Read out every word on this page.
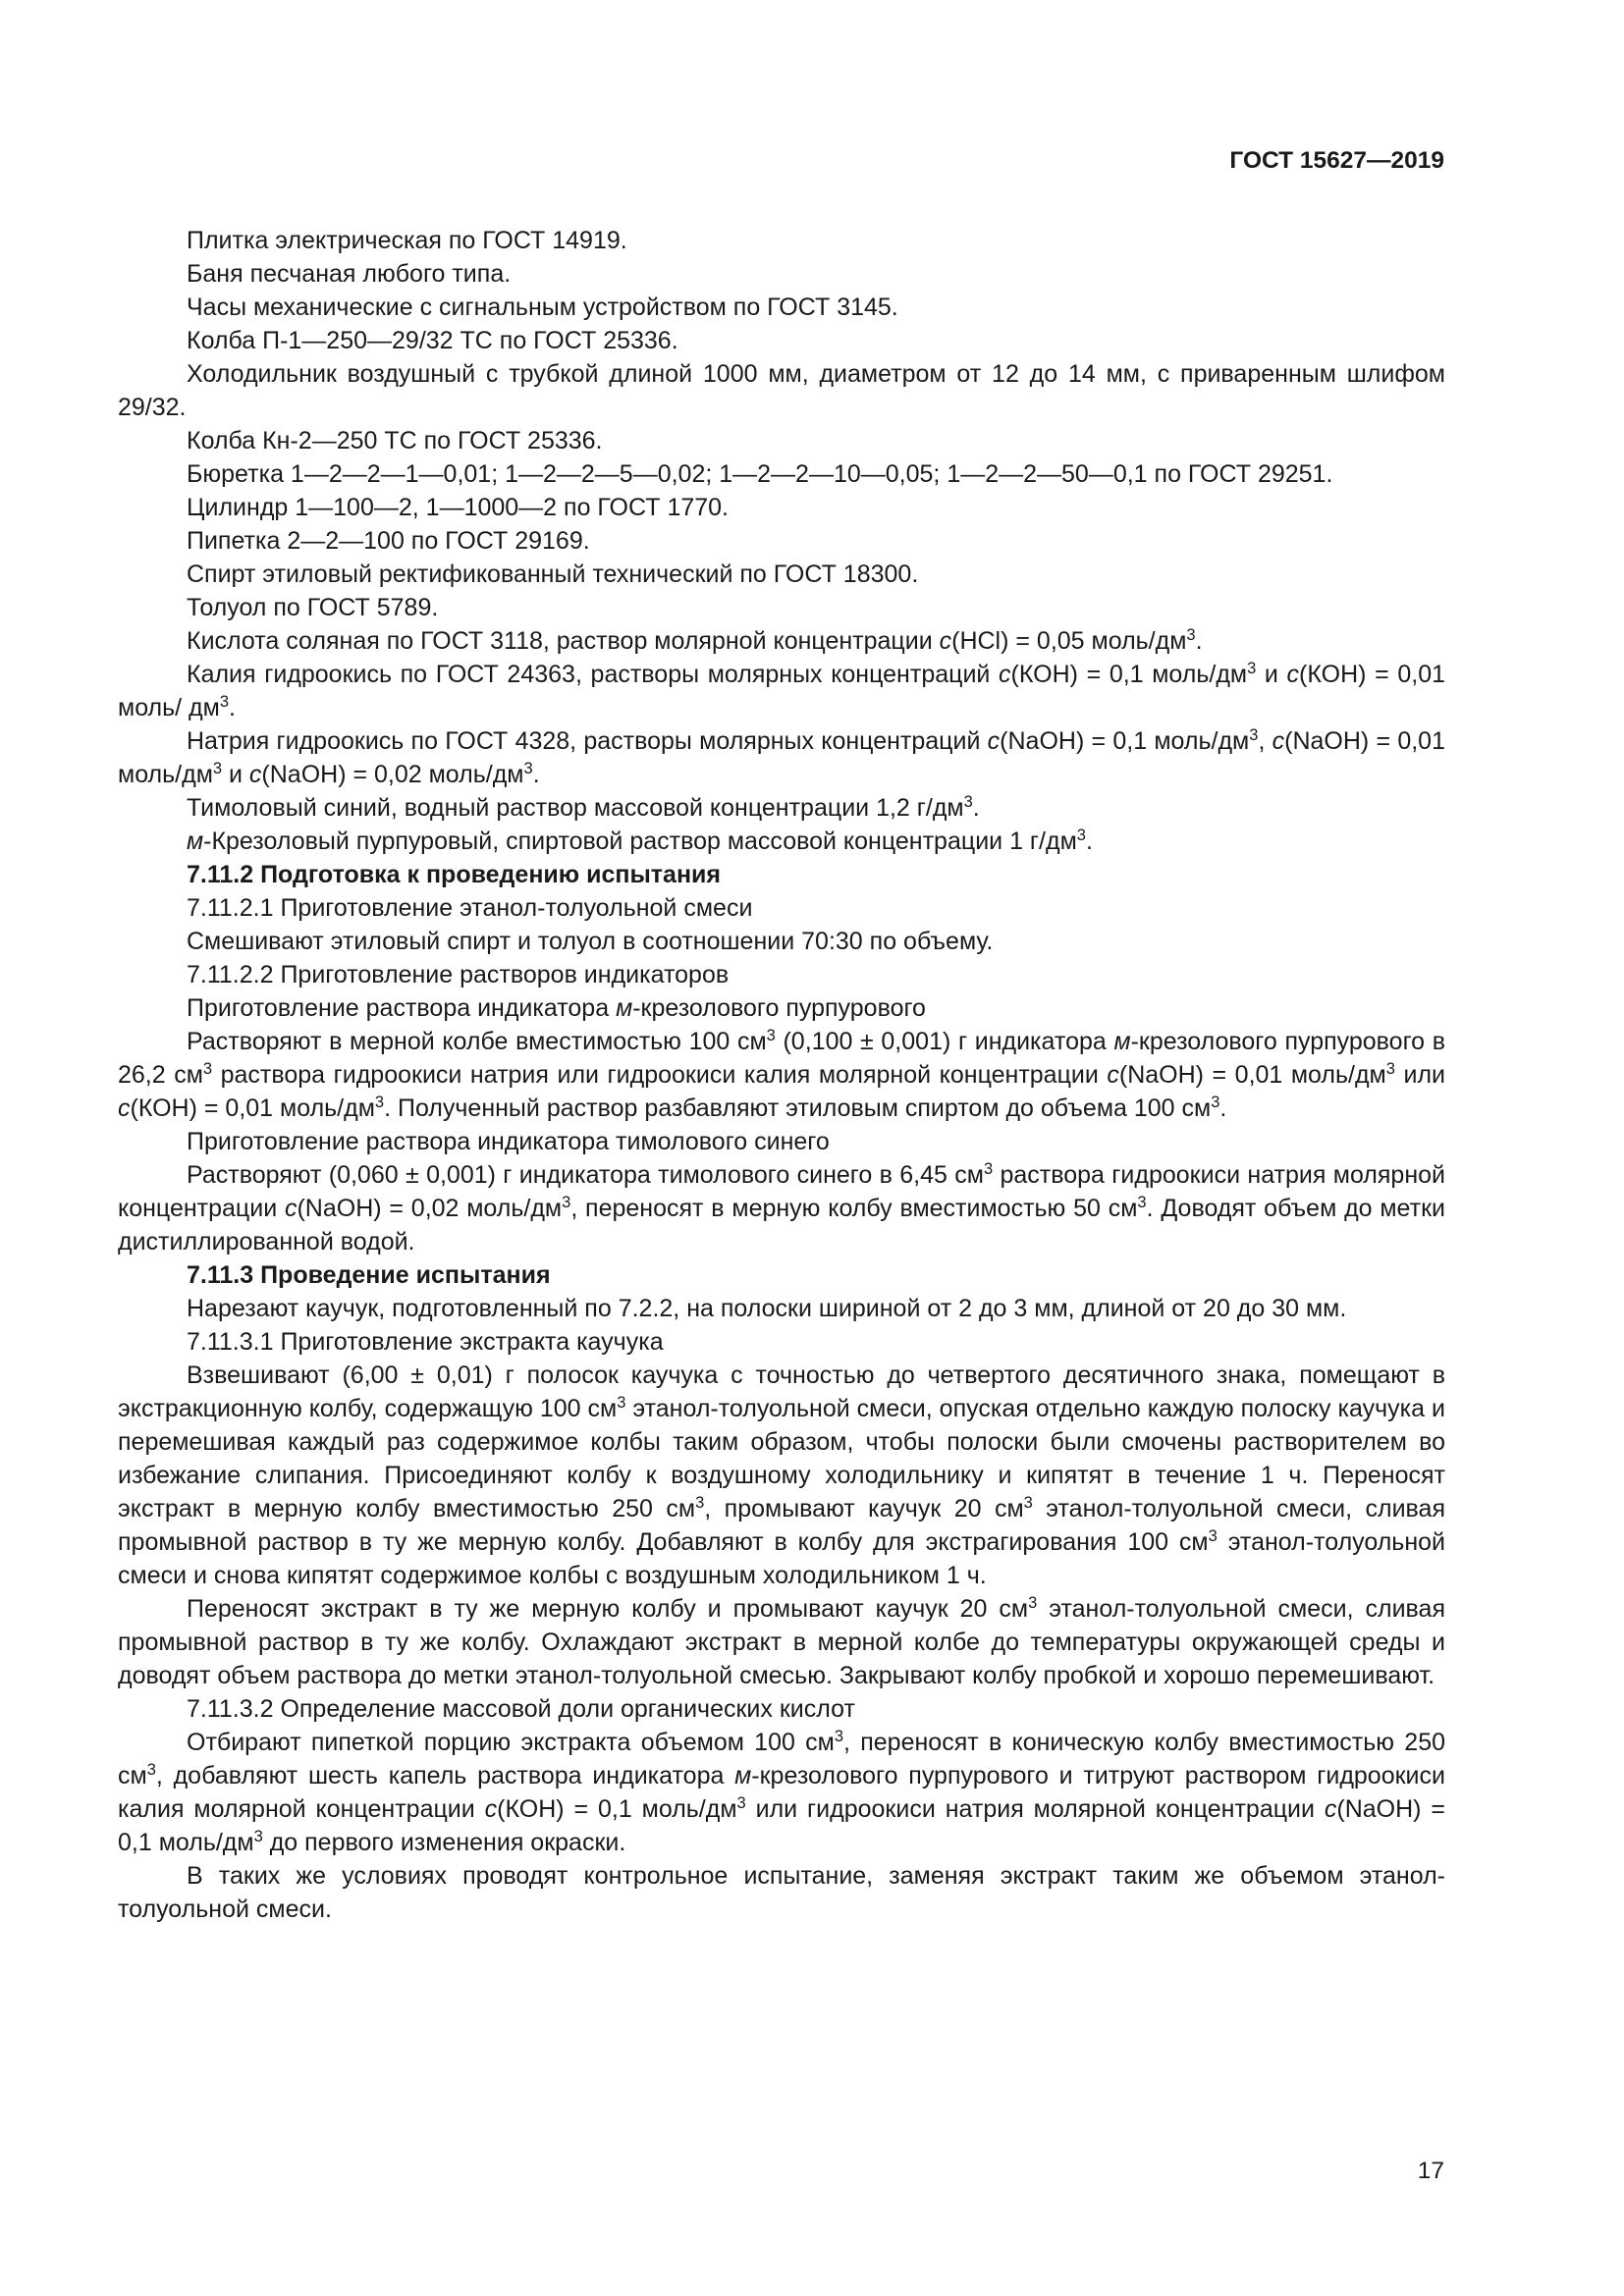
ГОСТ 15627—2019

Плитка электрическая по ГОСТ 14919.

Баня песчаная любого типа.

Часы механические с сигнальным устройством по ГОСТ 3145.

Колба П-1—250—29/32 ТС по ГОСТ 25336.

Холодильник воздушный с трубкой длиной 1000 мм, диаметром от 12 до 14 мм, с приваренным шлифом 29/32.

Колба Кн-2—250 ТС по ГОСТ 25336.

Бюретка 1—2—2—1—0,01; 1—2—2—5—0,02; 1—2—2—10—0,05; 1—2—2—50—0,1 по ГОСТ 29251.

Цилиндр 1—100—2, 1—1000—2 по ГОСТ 1770.

Пипетка 2—2—100 по ГОСТ 29169.

Спирт этиловый ректификованный технический по ГОСТ 18300.

Толуол по ГОСТ 5789.

Кислота соляная по ГОСТ 3118, раствор молярной концентрации с(HCl) = 0,05 моль/$дм^3$.

Калия гидроокись по ГОСТ 24363, растворы молярных концентраций с(КОН) = 0,1 моль/$дм^3$ и с(КОН) = 0,01 моль/ $дм^3$.

Натрия гидроокись по ГОСТ 4328, растворы молярных концентраций с(NaOH) = 0,1 моль/$дм^3$, с(NaOH) = 0,01 моль/$дм^3$ и с(NaOH) = 0,02 моль/$дм^3$.

Тимоловый синий, водный раствор массовой концентрации 1,2 $г/дм^3$.

м-Крезоловый пурпуровый, спиртовой раствор массовой концентрации 1 $г/дм^3$.

7.11.2 Подготовка к проведению испытания

7.11.2.1 Приготовление этанол-толуольной смеси

Смешивают этиловый спирт и толуол в соотношении 70:30 по объему.

7.11.2.2 Приготовление растворов индикаторов

Приготовление раствора индикатора м-крезолового пурпурового

Растворяют в мерной колбе вместимостью 100 $см^3$ (0,100 ± 0,001) г индикатора м-крезолового пурпурового в 26,2 $см^3$ раствора гидроокиси натрия или гидроокиси калия молярной концентрации с(NaOH) = 0,01 моль/$дм^3$ или с(КОН) = 0,01 моль/$дм^3$. Полученный раствор разбавляют этиловым спиртом до объема 100 $см^3$.

Приготовление раствора индикатора тимолового синего

Растворяют (0,060 ± 0,001) г индикатора тимолового синего в 6,45 $см^3$ раствора гидроокиси натрия молярной концентрации с(NaOH) = 0,02 моль/$дм^3$, переносят в мерную колбу вместимостью 50 $см^3$. Доводят объем до метки дистиллированной водой.

7.11.3 Проведение испытания

Нарезают каучук, подготовленный по 7.2.2, на полоски шириной от 2 до 3 мм, длиной от 20 до 30 мм.

7.11.3.1 Приготовление экстракта каучука

Взвешивают (6,00 ± 0,01) г полосок каучука с точностью до четвертого десятичного знака, помещают в экстракционную колбу, содержащую 100 $см^3$ этанол-толуольной смеси, опуская отдельно каждую полоску каучука и перемешивая каждый раз содержимое колбы таким образом, чтобы полоски были смочены растворителем во избежание слипания. Присоединяют колбу к воздушному холодильнику и кипятят в течение 1 ч. Переносят экстракт в мерную колбу вместимостью 250 $см^3$, промывают каучук 20 $см^3$ этанол-толуольной смеси, сливая промывной раствор в ту же мерную колбу. Добавляют в колбу для экстрагирования 100 $см^3$ этанол-толуольной смеси и снова кипятят содержимое колбы с воздушным холодильником 1 ч.

Переносят экстракт в ту же мерную колбу и промывают каучук 20 $см^3$ этанол-толуольной смеси, сливая промывной раствор в ту же колбу. Охлаждают экстракт в мерной колбе до температуры окружающей среды и доводят объем раствора до метки этанол-толуольной смесью. Закрывают колбу пробкой и хорошо перемешивают.

7.11.3.2 Определение массовой доли органических кислот

Отбирают пипеткой порцию экстракта объемом 100 $см^3$, переносят в коническую колбу вместимостью 250 $см^3$, добавляют шесть капель раствора индикатора м-крезолового пурпурового и титруют раствором гидроокиси калия молярной концентрации с(КОН) = 0,1 моль/$дм^3$ или гидроокиси натрия молярной концентрации с(NaOH) = 0,1 моль/$дм^3$ до первого изменения окраски.

В таких же условиях проводят контрольное испытание, заменяя экстракт таким же объемом этанол-толуольной смеси.

17
